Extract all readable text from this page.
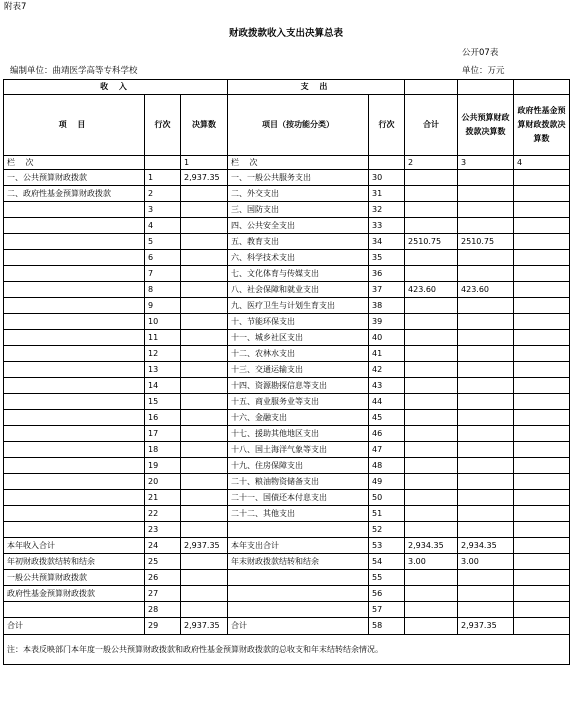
附表7
财政拨款收入支出决算总表
公开07表
编制单位：曲靖医学高等专科学校	单位：万元
收 入			支 出				
项 目	行次	决算数	项目（按功能分类）	行次	合计	公共预算财政拨款决算数	政府性基金预算财政拨款决算数
栏 次		1	栏 次		2	3	4
一、公共预算财政拨款	1	2,937.35	一、一般公共服务支出	30			
二、政府性基金预算财政拨款	2		二、外交支出	31			
	3		三、国防支出	32			
	4		四、公共安全支出	33			
	5		五、教育支出	34	2510.75	2510.75	
	6		六、科学技术支出	35			
	7		七、文化体育与传媒支出	36			
	8		八、社会保障和就业支出	37	423.60	423.60	
	9		九、医疗卫生与计划生育支出	38			
	10		十、节能环保支出	39			
	11		十一、城乡社区支出	40			
	12		十二、农林水支出	41			
	13		十三、交通运输支出	42			
	14		十四、资源勘探信息等支出	43			
	15		十五、商业服务业等支出	44			
	16		十六、金融支出	45			
	17		十七、援助其他地区支出	46			
	18		十八、国土海洋气象等支出	47			
	19		十九、住房保障支出	48			
	20		二十、粮油物资储备支出	49			
	21		二十一、国债还本付息支出	50			
	22		二十二、其他支出	51			
	23			52			
本年收入合计	24	2,937.35	本年支出合计	53	2,934.35	2,934.35	
年初财政拨款结转和结余	25		年末财政拨款结转和结余	54	3.00	3.00	
一般公共预算财政拨款	26			55			
政府性基金预算财政拨款	27			56			
	28			57			
合计	29	2,937.35	合计	58		2,937.35	
注：本表反映部门本年度一般公共预算财政拨款和政府性基金预算财政拨款的总收支和年末结转结余情况。							
